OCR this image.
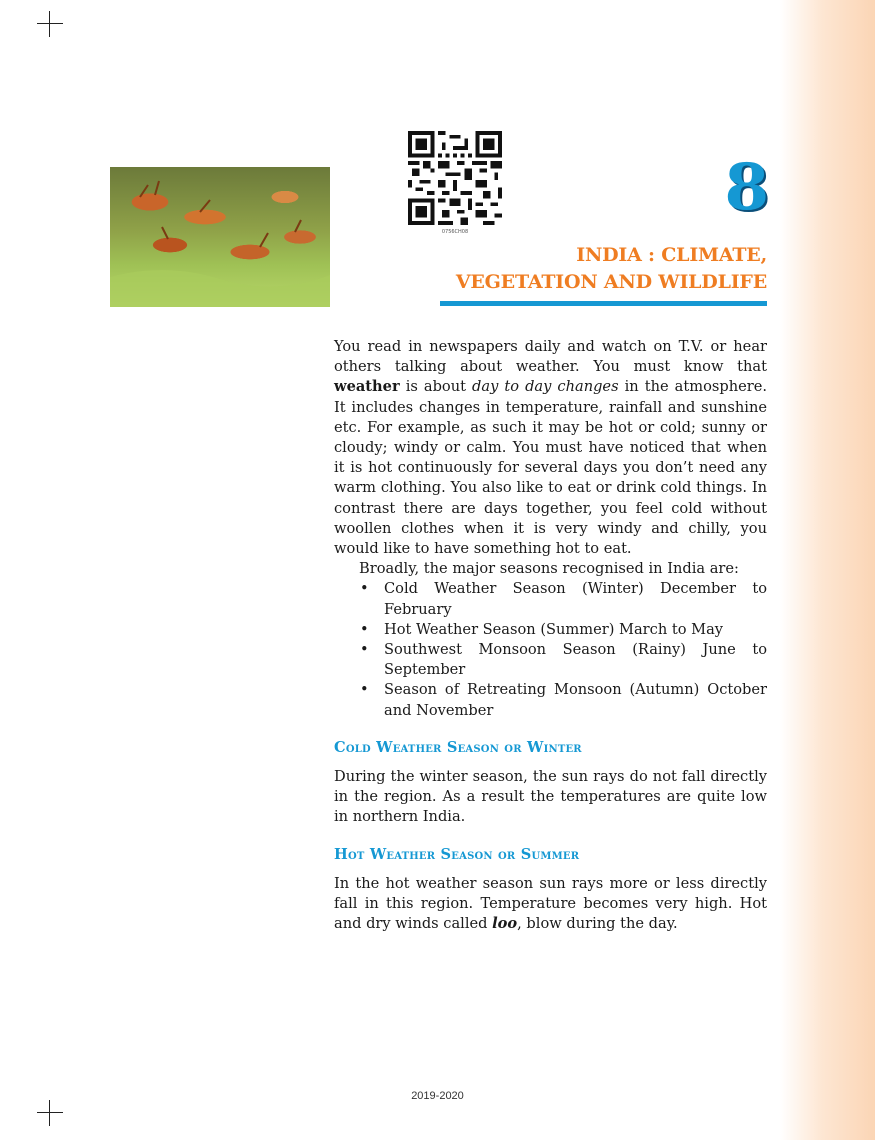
0756CH08
8
INDIA : CLIMATE,
VEGETATION AND WILDLIFE

You read in newspapers daily and watch on T.V. or hear others talking about weather. You must know that weather is about day to day changes in the atmosphere. It includes changes in temperature, rainfall and sunshine etc. For example, as such it may be hot or cold; sunny or cloudy; windy or calm. You must have noticed that when it is hot continuously for several days you don’t need any warm clothing. You also like to eat or drink cold things. In contrast there are days together, you feel cold without woollen clothes when it is very windy and chilly, you would like to have something hot to eat.

Broadly, the major seasons recognised in India are:

• Cold Weather Season (Winter) December to February
• Hot Weather Season (Summer) March to May
• Southwest Monsoon Season (Rainy) June to September
• Season of Retreating Monsoon (Autumn) October and November
Cold Weather Season or Winter

During the winter season, the sun rays do not fall directly in the region. As a result the temperatures are quite low in northern India.

Hot Weather Season or Summer

In the hot weather season sun rays more or less directly fall in this region. Temperature becomes very high. Hot and dry winds called loo, blow during the day.

2019-2020
